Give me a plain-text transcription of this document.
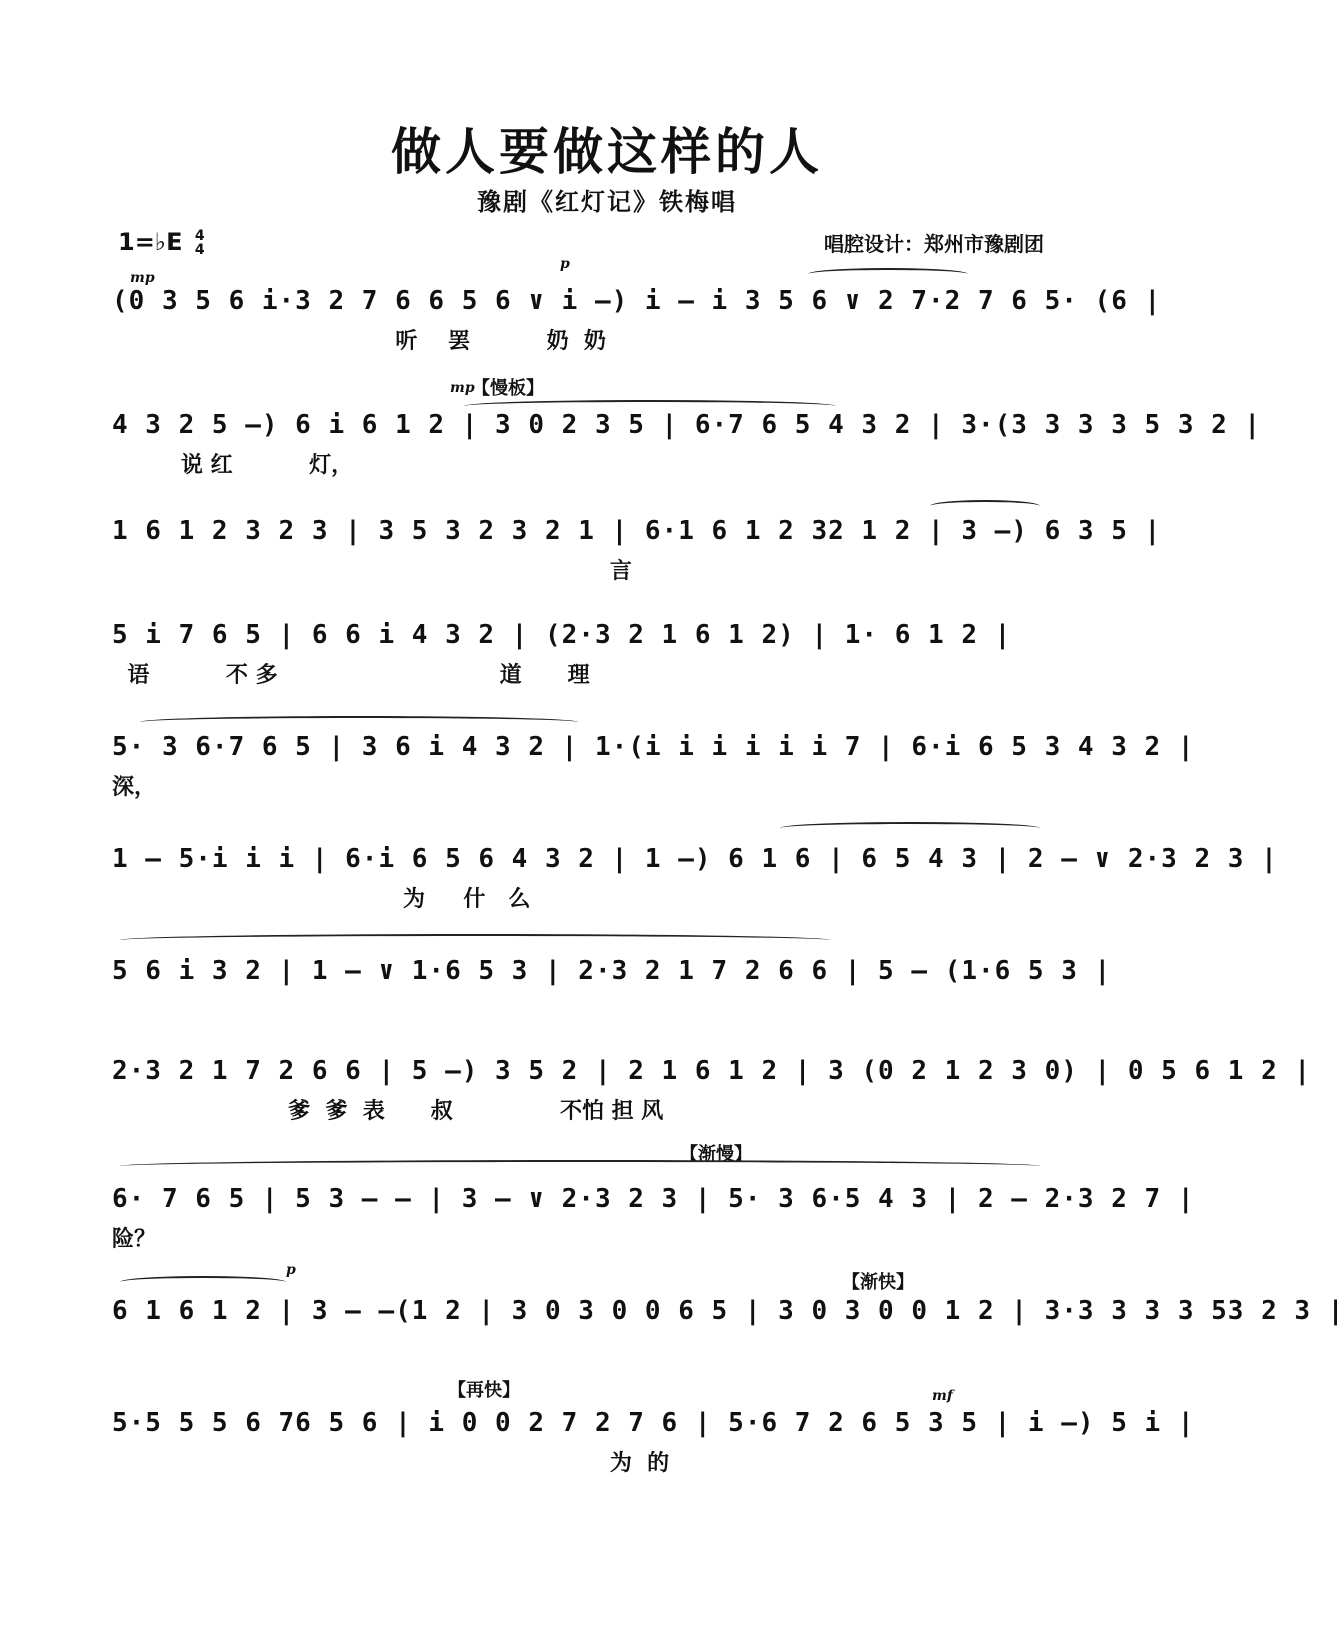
做人要做这样的人
豫剧《红灯记》铁梅唱
1=♭E 4
4	唱腔设计：郑州市豫剧团
mp
p
mp
【慢板】
【渐慢】
p
【渐快】
【再快】	mf
(0 3 5 6 i·3 2 7 6 6 5 6 ∨ i –) i – i 3 5 6 ∨ 2 7·2 7 6 5· (6 |
听    罢          奶  奶
4 3 2 5 –) 6 i 6 1 2 | 3 0 2 3 5 | 6·7 6 5 4 3 2 | 3·(3 3 3 3 5 3 2 |
说 红          灯，
1 6 1 2 3 2 3 | 3 5 3 2 3 2 1 | 6·1 6 1 2 32 1 2 | 3 –) 6 3 5 |
言
5 i 7 6 5 | 6 6 i 4 3 2 | (2·3 2 1 6 1 2) | 1· 6 1 2 |
语          不 多                             道      理
5· 3 6·7 6 5 | 3 6 i 4 3 2 | 1·(i i i i i i 7 | 6·i 6 5 3 4 3 2 |
深，
1 – 5·i i i | 6·i 6 5 6 4 3 2 | 1 –) 6 1 6 | 6 5 4 3 | 2 – ∨ 2·3 2 3 |
为     什   么
5 6 i 3 2 | 1 – ∨ 1·6 5 3 | 2·3 2 1 7 2 6 6 | 5 – (1·6 5 3 |
2·3 2 1 7 2 6 6 | 5 –) 3 5 2 | 2 1 6 1 2 | 3 (0 2 1 2 3 0) | 0 5 6 1 2 |
爹  爹  表      叔              不怕 担 风
6· 7 6 5 | 5 3 – – | 3 – ∨ 2·3 2 3 | 5· 3 6·5 4 3 | 2 – 2·3 2 7 |
险？
6 1 6 1 2 | 3 – –(1 2 | 3 0 3 0 0 6 5 | 3 0 3 0 0 1 2 | 3·3 3 3 3 53 2 3 |
5·5 5 5 6 76 5 6 | i 0 0 2 7 2 7 6 | 5·6 7 2 6 5 3 5 | i –) 5 i |
为  的
